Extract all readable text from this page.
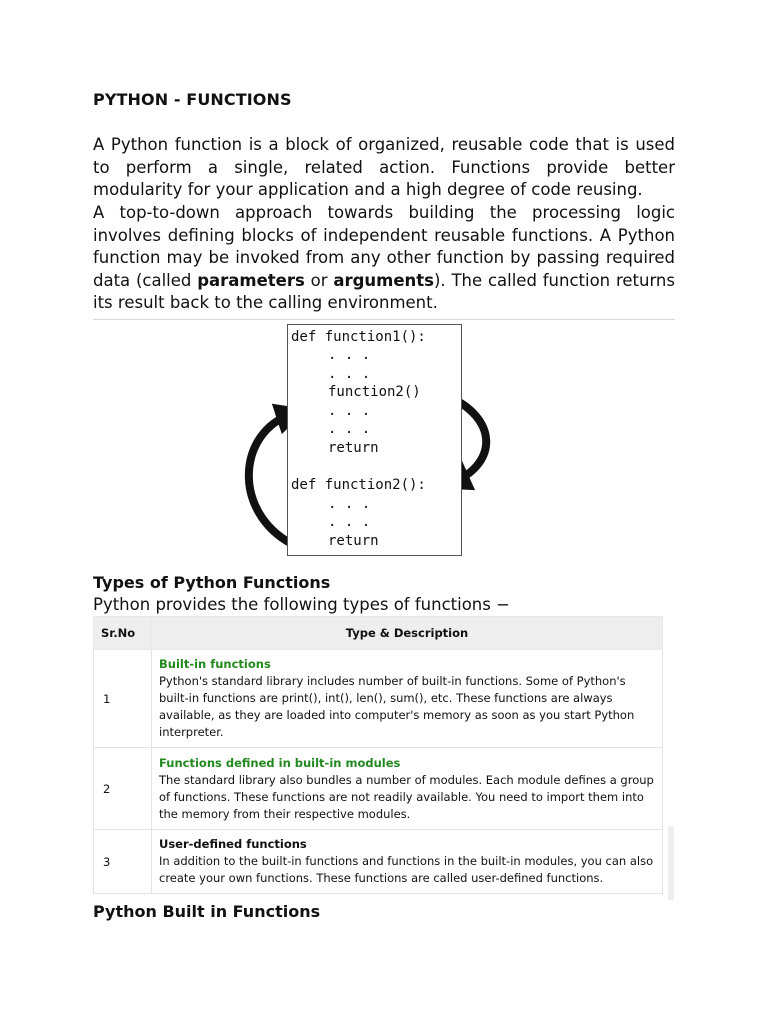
PYTHON - FUNCTIONS
A Python function is a block of organized, reusable code that is used to perform a single, related action. Functions provide better modularity for your application and a high degree of code reusing.
A top-to-down approach towards building the processing logic involves defining blocks of independent reusable functions. A Python function may be invoked from any other function by passing required data (called parameters or arguments). The called function returns its result back to the calling environment.
Types of Python Functions
Python provides the following types of functions −
Python Built in Functions
def function1():
. . .
. . .
function2()
. . .
. . .
return
def function2():
. . .
. . .
return
Sr.No	Type & Description
1	Built-in functions
Python's standard library includes number of built-in functions. Some of Python's built-in functions are print(), int(), len(), sum(), etc. These functions are always available, as they are loaded into computer's memory as soon as you start Python interpreter.

2	Functions defined in built-in modules
The standard library also bundles a number of modules. Each module defines a group of functions. These functions are not readily available. You need to import them into the memory from their respective modules.

3	User-defined functions
In addition to the built-in functions and functions in the built-in modules, you can also create your own functions. These functions are called user-defined functions.
